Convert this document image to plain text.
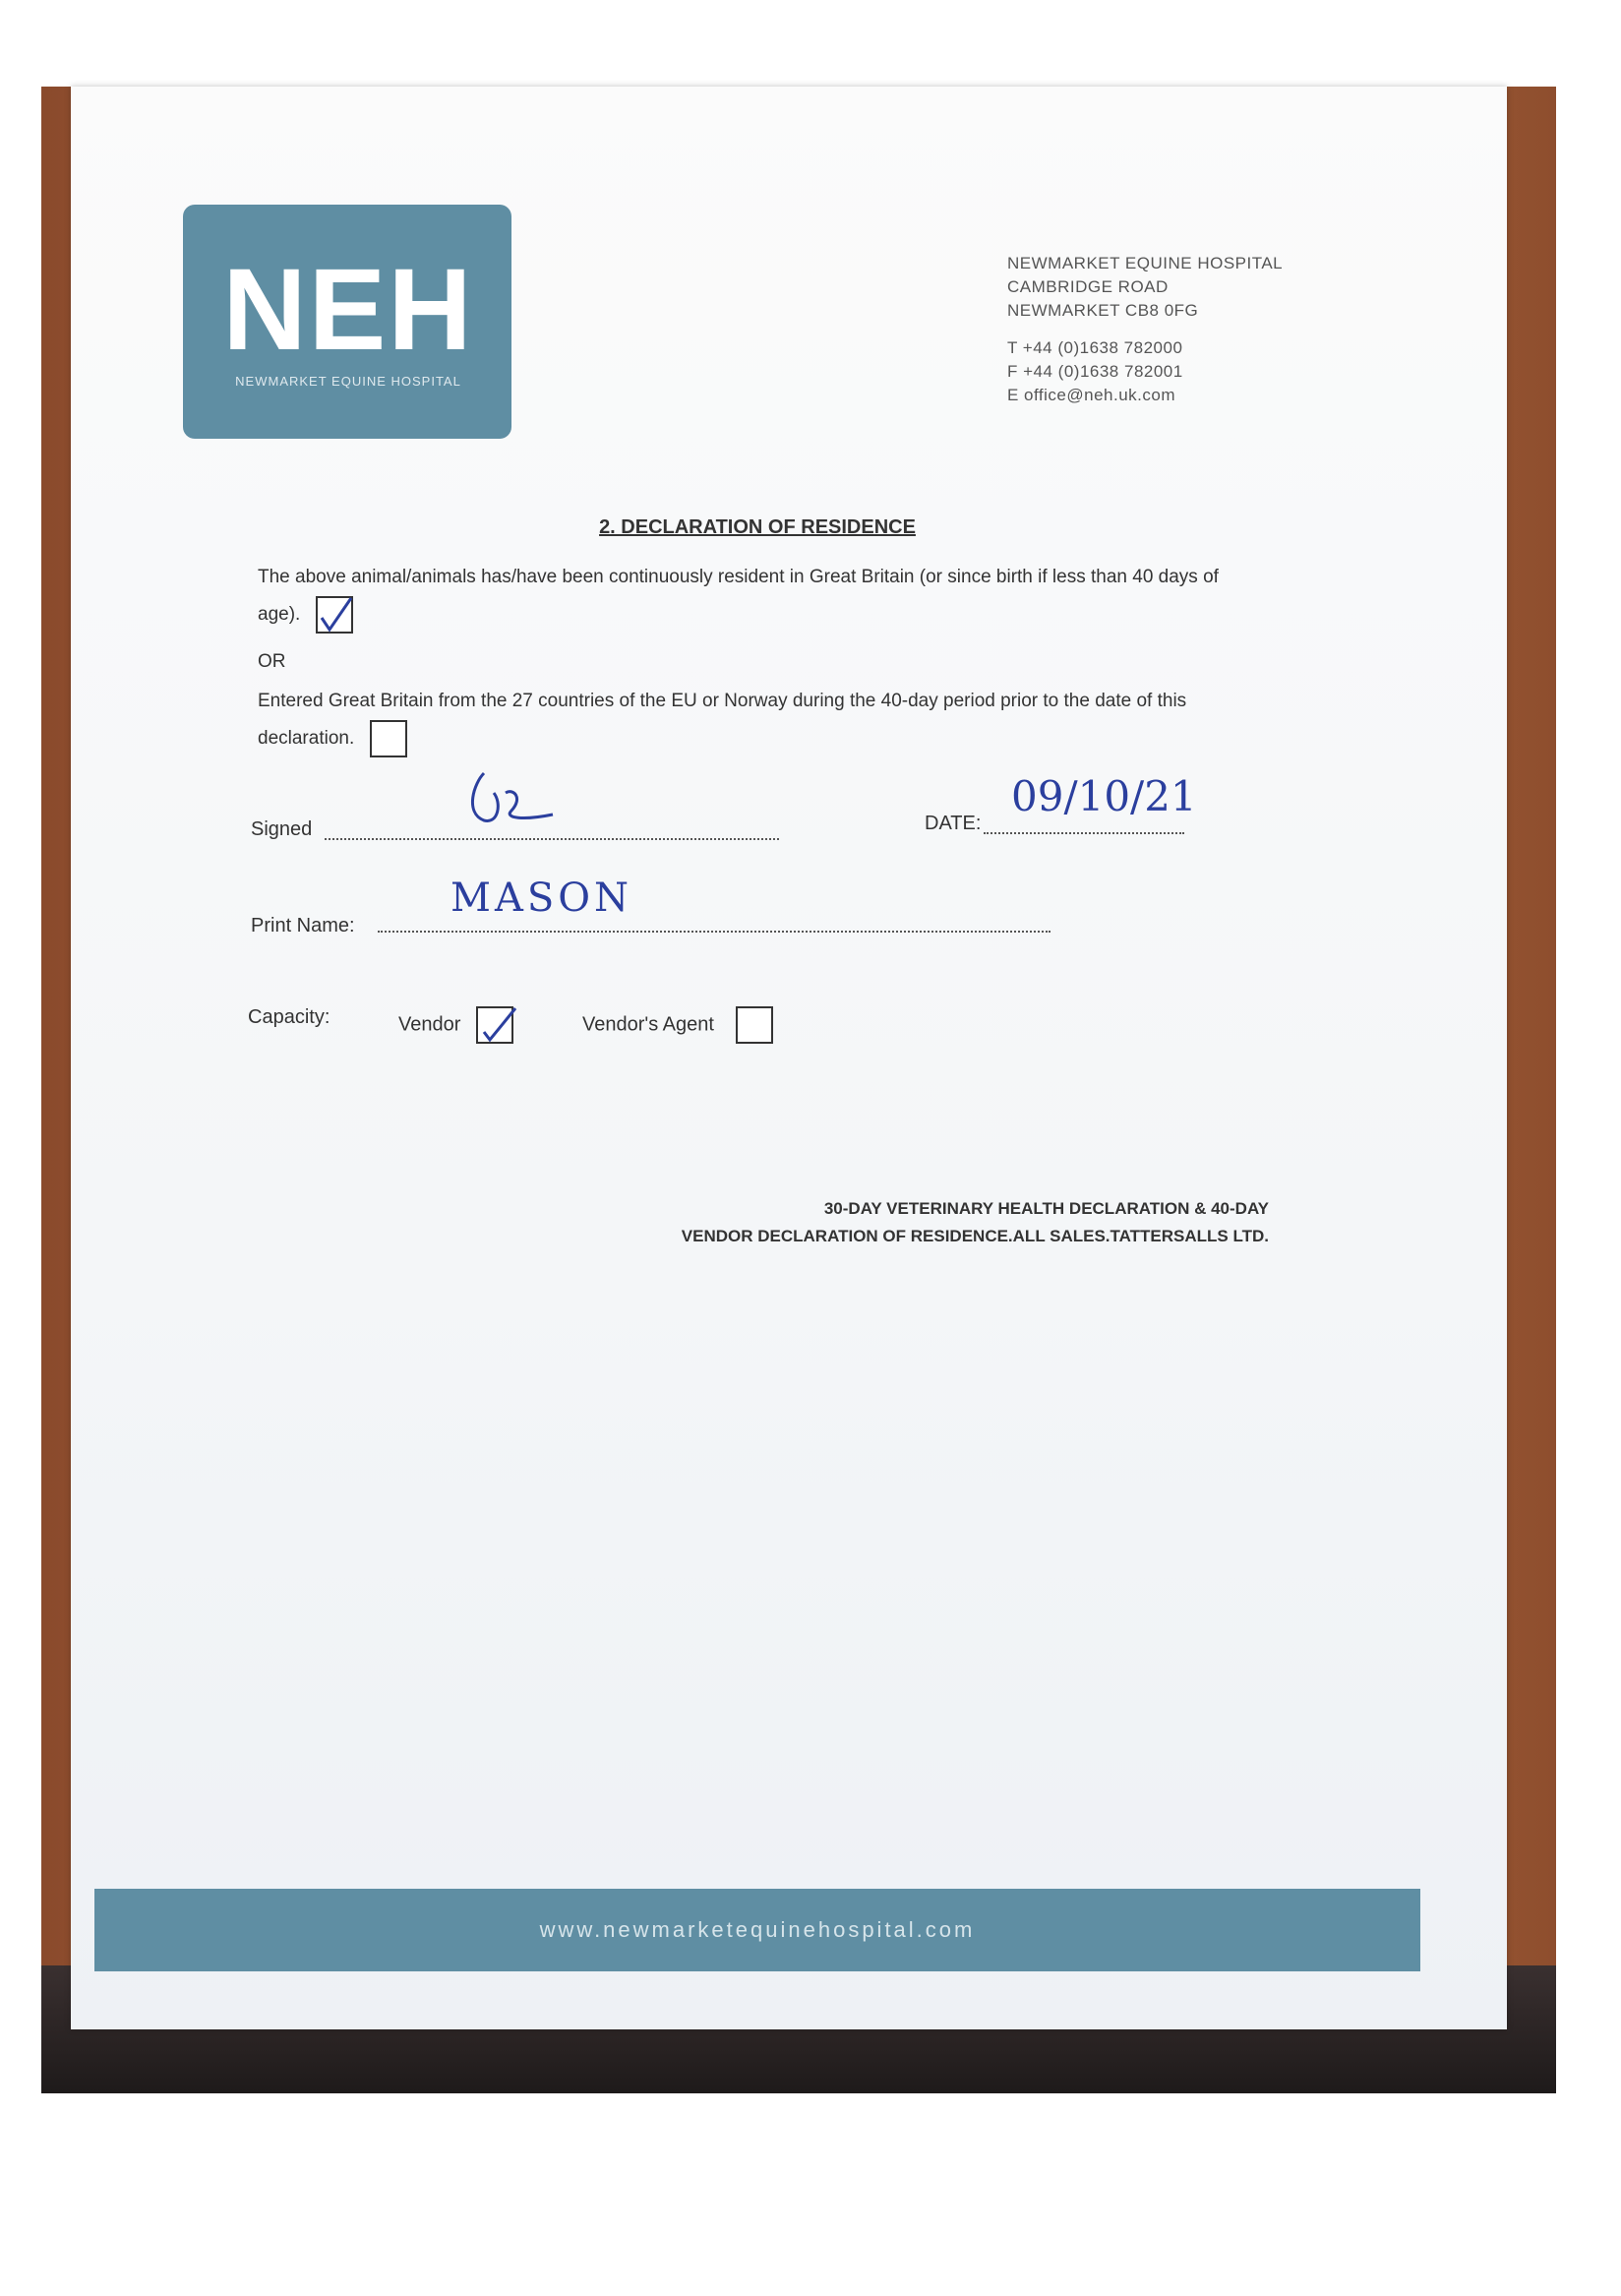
NEH
NEWMARKET EQUINE HOSPITAL
NEWMARKET EQUINE HOSPITAL
CAMBRIDGE ROAD
NEWMARKET CB8 0FG
T +44 (0)1638 782000
F +44 (0)1638 782001
E office@neh.uk.com
2. DECLARATION OF RESIDENCE
The above animal/animals has/have been continuously resident in Great Britain (or since birth if less than 40 days of age).
OR
Entered Great Britain from the 27 countries of the EU or Norway during the 40-day period prior to the date of this declaration.
Signed	DATE:
09/10/21
Print Name:
MASON
Capacity:	Vendor	Vendor's Agent
30-DAY VETERINARY HEALTH DECLARATION & 40-DAY
VENDOR DECLARATION OF RESIDENCE.ALL SALES.TATTERSALLS LTD.
www.newmarketequinehospital.com
